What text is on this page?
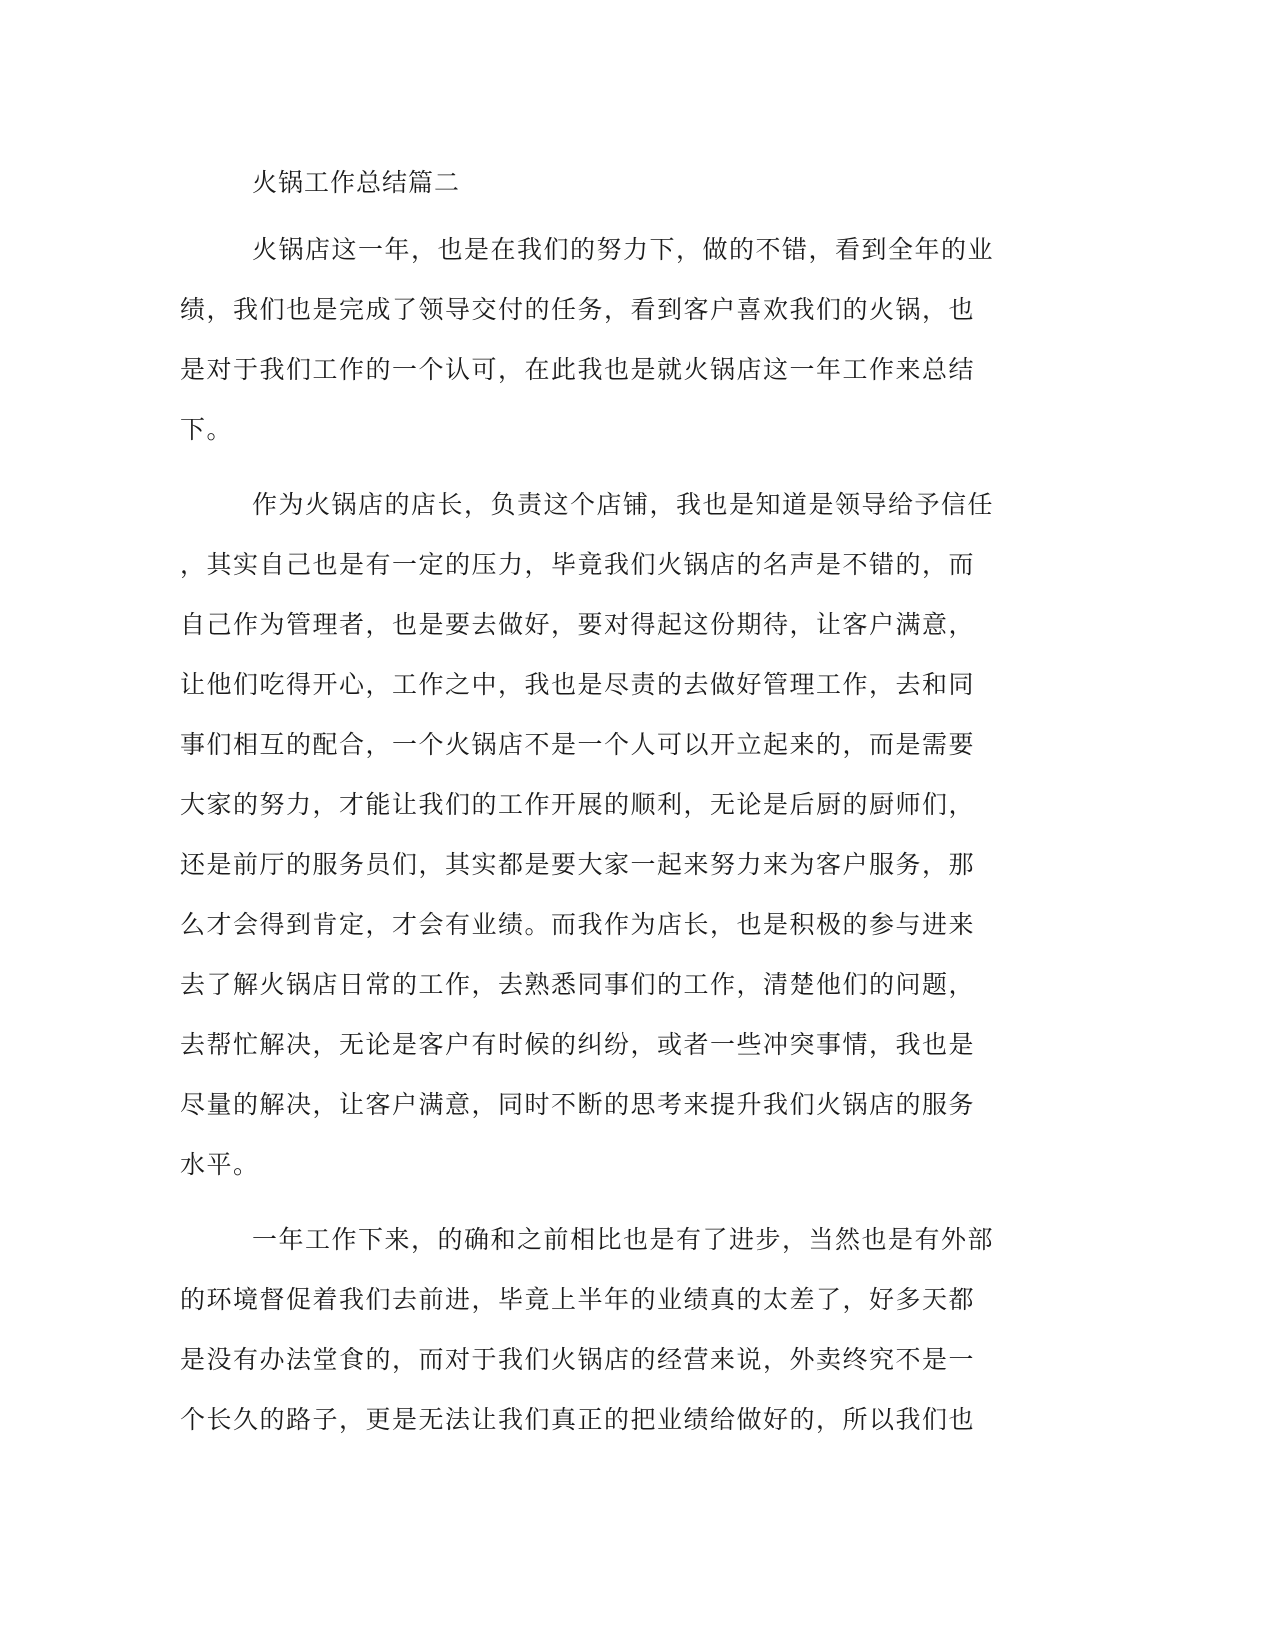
火锅工作总结篇二
火锅店这一年，也是在我们的努力下，做的不错，看到全年的业
绩，我们也是完成了领导交付的任务，看到客户喜欢我们的火锅，也
是对于我们工作的一个认可，在此我也是就火锅店这一年工作来总结
下。
作为火锅店的店长，负责这个店铺，我也是知道是领导给予信任
，其实自己也是有一定的压力，毕竟我们火锅店的名声是不错的，而
自己作为管理者，也是要去做好，要对得起这份期待，让客户满意，
让他们吃得开心，工作之中，我也是尽责的去做好管理工作，去和同
事们相互的配合，一个火锅店不是一个人可以开立起来的，而是需要
大家的努力，才能让我们的工作开展的顺利，无论是后厨的厨师们，
还是前厅的服务员们，其实都是要大家一起来努力来为客户服务，那
么才会得到肯定，才会有业绩。而我作为店长，也是积极的参与进来
去了解火锅店日常的工作，去熟悉同事们的工作，清楚他们的问题，
去帮忙解决，无论是客户有时候的纠纷，或者一些冲突事情，我也是
尽量的解决，让客户满意，同时不断的思考来提升我们火锅店的服务
水平。
一年工作下来，的确和之前相比也是有了进步，当然也是有外部
的环境督促着我们去前进，毕竟上半年的业绩真的太差了，好多天都
是没有办法堂食的，而对于我们火锅店的经营来说，外卖终究不是一
个长久的路子，更是无法让我们真正的把业绩给做好的，所以我们也
